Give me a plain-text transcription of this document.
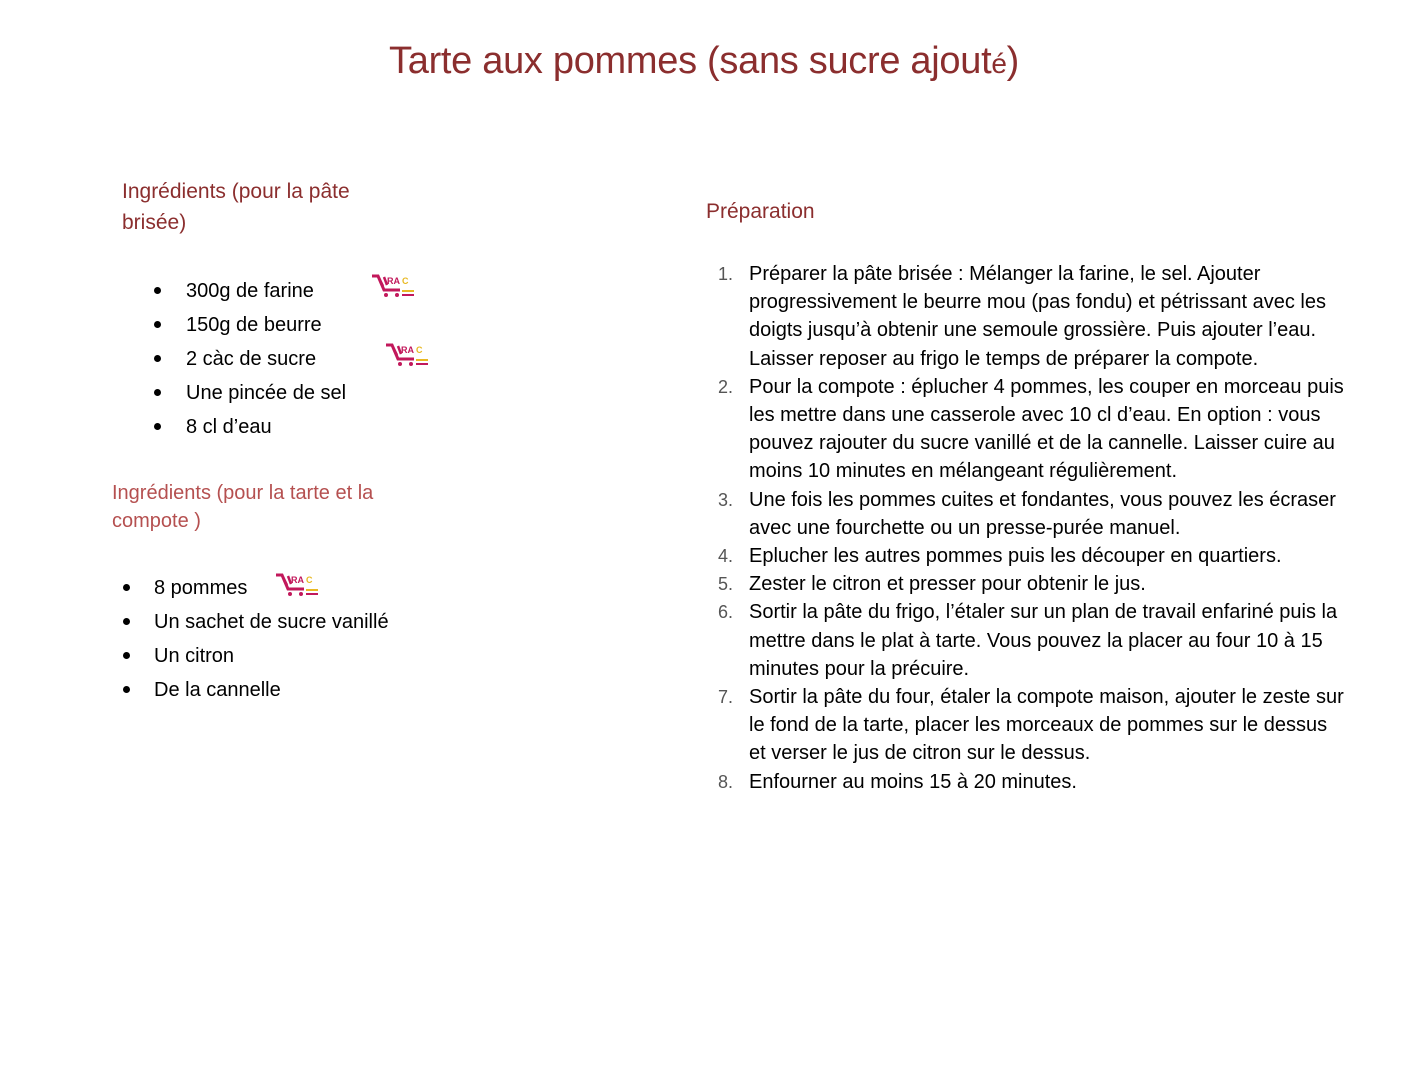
Tarte aux pommes (sans sucre ajouté)
Ingrédients (pour la pâte brisée)
300g de farine
150g de beurre
2 càc de sucre
Une pincée de sel
8 cl d’eau
RA C
RA C
Ingrédients (pour la tarte et la compote )
8 pommes
Un sachet de sucre vanillé
Un citron
De la cannelle
RA C
Préparation
1. Préparer la pâte brisée : Mélanger la farine, le sel. Ajouter progressivement le beurre mou (pas fondu) et pétrissant avec les doigts jusqu’à obtenir une semoule grossière. Puis ajouter l’eau. Laisser reposer au frigo le temps de préparer la compote.
2. Pour la compote : éplucher 4 pommes, les couper en morceau puis les mettre dans une casserole avec 10 cl d’eau. En option : vous pouvez rajouter du sucre vanillé et de la cannelle. Laisser cuire au moins 10 minutes en mélangeant régulièrement.
3. Une fois les pommes cuites et fondantes, vous pouvez les écraser avec une fourchette ou un presse-purée manuel.
4. Eplucher les autres pommes puis les découper en quartiers.
5. Zester le citron et presser pour obtenir le jus.
6. Sortir la pâte du frigo, l’étaler sur un plan de travail enfariné puis la mettre dans le plat à tarte. Vous pouvez la placer au four 10 à 15 minutes pour la précuire.
7. Sortir la pâte du four, étaler la compote maison, ajouter le zeste sur le fond de la tarte, placer les morceaux de pommes sur le dessus et verser le jus de citron sur le dessus.
8. Enfourner au moins 15 à 20 minutes.
